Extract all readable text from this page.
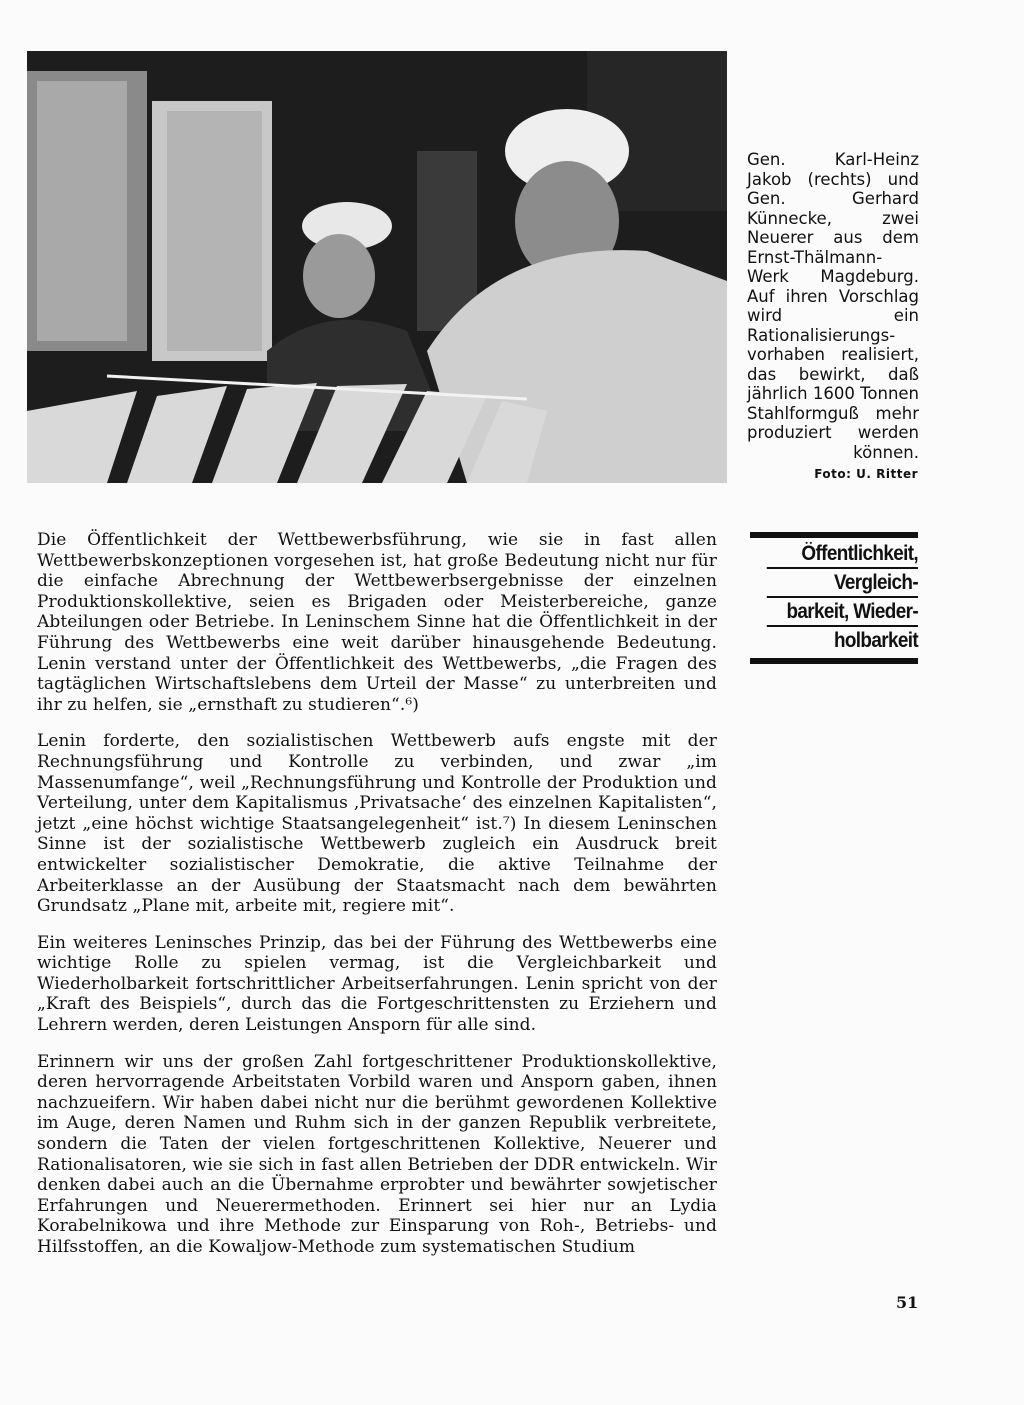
Gen. Karl-Heinz Jakob (rechts) und Gen. Gerhard Künnecke, zwei Neuerer aus dem Ernst-Thälmann-Werk Magdeburg. Auf ihren Vorschlag wird ein Rationalisierungs-vorhaben realisiert, das bewirkt, daß jährlich 1600 Tonnen Stahlformguß mehr produziert werden können.

Foto: U. Ritter

Öffentlichkeit,
Vergleich-
barkeit, Wieder-
holbarkeit

Die Öffentlichkeit der Wettbewerbsführung, wie sie in fast allen Wettbewerbskonzeptionen vorgesehen ist, hat große Bedeutung nicht nur für die einfache Abrechnung der Wettbewerbsergebnisse der einzelnen Produktionskollektive, seien es Brigaden oder Meisterbereiche, ganze Abteilungen oder Betriebe. In Leninschem Sinne hat die Öffentlichkeit in der Führung des Wettbewerbs eine weit darüber hinausgehende Bedeutung. Lenin verstand unter der Öffentlichkeit des Wettbewerbs, „die Fragen des tagtäglichen Wirtschaftslebens dem Urteil der Masse“ zu unterbreiten und ihr zu helfen, sie „ernsthaft zu studieren“.⁶)

Lenin forderte, den sozialistischen Wettbewerb aufs engste mit der Rechnungsführung und Kontrolle zu verbinden, und zwar „im Massenumfange“, weil „Rechnungsführung und Kontrolle der Produktion und Verteilung, unter dem Kapitalismus ‚Privatsache‘ des einzelnen Kapitalisten“, jetzt „eine höchst wichtige Staatsangelegenheit“ ist.⁷) In diesem Leninschen Sinne ist der sozialistische Wettbewerb zugleich ein Ausdruck breit entwickelter sozialistischer Demokratie, die aktive Teilnahme der Arbeiterklasse an der Ausübung der Staatsmacht nach dem bewährten Grundsatz „Plane mit, arbeite mit, regiere mit“.

Ein weiteres Leninsches Prinzip, das bei der Führung des Wettbewerbs eine wichtige Rolle zu spielen vermag, ist die Vergleichbarkeit und Wiederholbarkeit fortschrittlicher Arbeitserfahrungen. Lenin spricht von der „Kraft des Beispiels“, durch das die Fortgeschrittensten zu Erziehern und Lehrern werden, deren Leistungen Ansporn für alle sind.

Erinnern wir uns der großen Zahl fortgeschrittener Produktionskollektive, deren hervorragende Arbeitstaten Vorbild waren und Ansporn gaben, ihnen nachzueifern. Wir haben dabei nicht nur die berühmt gewordenen Kollektive im Auge, deren Namen und Ruhm sich in der ganzen Republik verbreitete, sondern die Taten der vielen fortgeschrittenen Kollektive, Neuerer und Rationalisatoren, wie sie sich in fast allen Betrieben der DDR entwickeln. Wir denken dabei auch an die Übernahme erprobter und bewährter sowjetischer Erfahrungen und Neuerermethoden. Erinnert sei hier nur an Lydia Korabelnikowa und ihre Methode zur Einsparung von Roh-, Betriebs- und Hilfsstoffen, an die Kowaljow-Methode zum systematischen Studium

51
